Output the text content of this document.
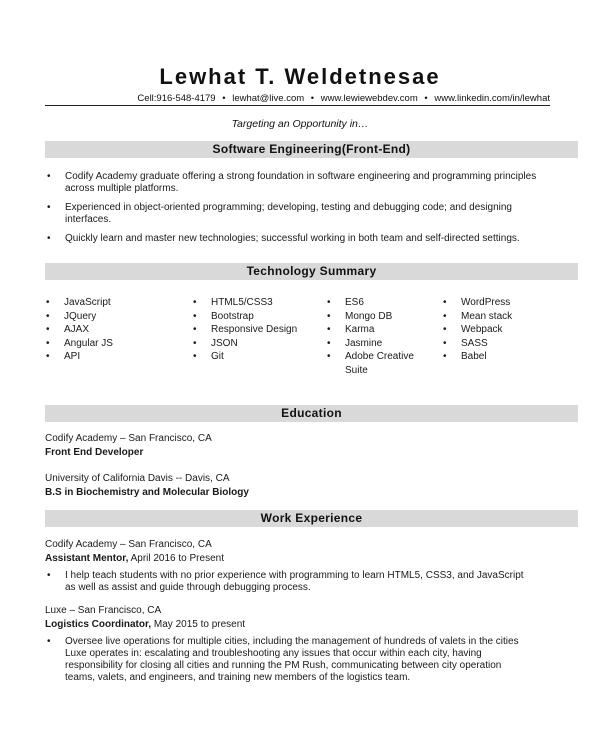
Lewhat T. Weldetnesae
Cell:916-548-4179 • lewhat@live.com • www.lewiewebdev.com • www.linkedin.com/in/lewhat
Targeting an Opportunity in…
Software Engineering(Front-End)
• Codify Academy graduate offering a strong foundation in software engineering and programming principles
across multiple platforms.
• Experienced in object-oriented programming; developing, testing and debugging code; and designing
interfaces.
• Quickly learn and master new technologies; successful working in both team and self-directed settings.
Technology Summary
• JavaScript
• JQuery
• AJAX
• Angular JS
• API
• HTML5/CSS3
• Bootstrap
• Responsive Design
• JSON
• Git
• ES6
• Mongo DB
• Karma
• Jasmine
• Adobe Creative
Suite
• WordPress
• Mean stack
• Webpack
• SASS
• Babel
Education
Codify Academy – San Francisco, CA
Front End Developer
University of California Davis -- Davis, CA
B.S in Biochemistry and Molecular Biology
Work Experience
Codify Academy – San Francisco, CA
Assistant Mentor, April 2016 to Present
• I help teach students with no prior experience with programming to learn HTML5, CSS3, and JavaScript
as well as assist and guide through debugging process.
Luxe – San Francisco, CA
Logistics Coordinator, May 2015 to present
• Oversee live operations for multiple cities, including the management of hundreds of valets in the cities
Luxe operates in: escalating and troubleshooting any issues that occur within each city, having
responsibility for closing all cities and running the PM Rush, communicating between city operation
teams, valets, and engineers, and training new members of the logistics team.
